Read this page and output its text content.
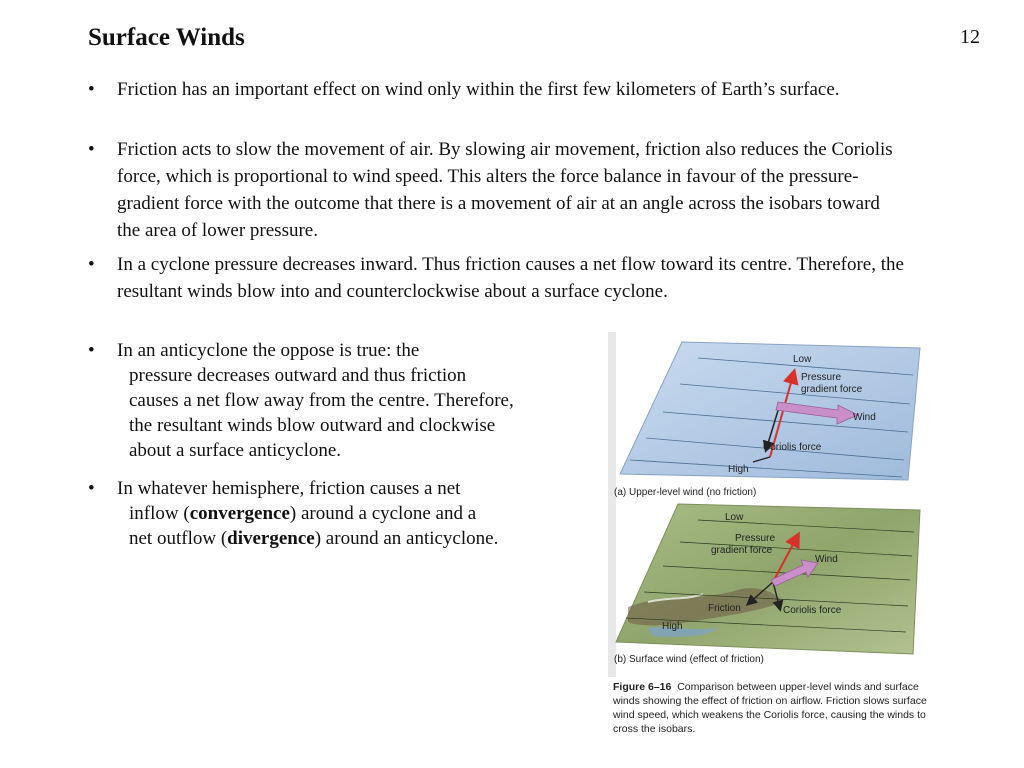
Surface Winds	12
• Friction has an important effect on wind only within the first few kilometers of Earth’s surface.
• Friction acts to slow the movement of air. By slowing air movement, friction also reduces the Coriolis force, which is proportional to wind speed. This alters the force balance in favour of the pressure-gradient force with the outcome that there is a movement of air at an angle across the isobars toward the area of lower pressure.
• In a cyclone pressure decreases inward. Thus friction causes a net flow toward its centre. Therefore, the resultant winds blow into and counterclockwise about a surface cyclone.
• In an anticyclone the oppose is true: the
pressure decreases outward and thus friction
causes a net flow away from the centre. Therefore,
the resultant winds blow outward and clockwise
about a surface anticyclone.
• In whatever hemisphere, friction causes a net
inflow (convergence) around a cyclone and a
net outflow (divergence) around an anticyclone.
Low
Pressure
gradient force
Wind
Coriolis force
High
(a) Upper-level wind (no friction)
Low
Pressure
gradient force
Wind
Friction	Coriolis force
High
(b) Surface wind (effect of friction)
Figure 6–16 Comparison between upper-level winds and surface winds showing the effect of friction on airflow. Friction slows surface wind speed, which weakens the Coriolis force, causing the winds to cross the isobars.
